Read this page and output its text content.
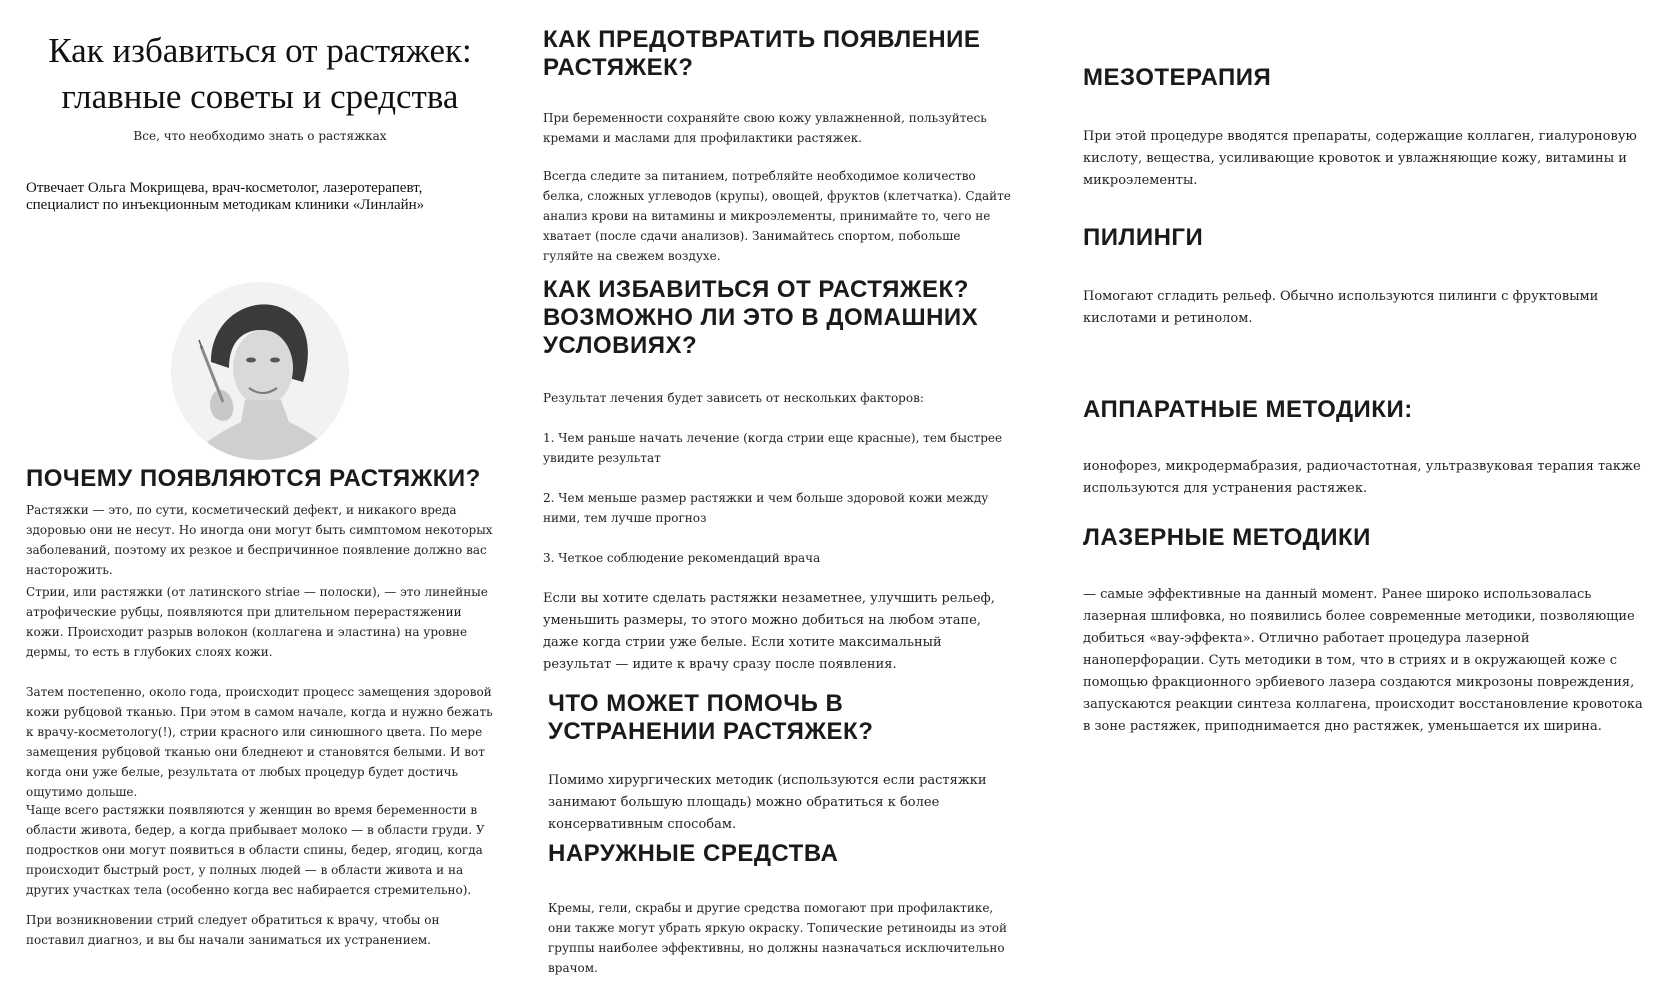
Как избавиться от растяжек:
главные советы и средства
Все, что необходимо знать о растяжках
Отвечает Ольга Мокрищева, врач-косметолог, лазеротерапевт, специалист по инъекционным методикам клиники «Линлайн»
ПОЧЕМУ ПОЯВЛЯЮТСЯ РАСТЯЖКИ?

Растяжки — это, по сути, косметический дефект, и никакого вреда здоровью они не несут. Но иногда они могут быть симптомом некоторых заболеваний, поэтому их резкое и беспричинное появление должно вас насторожить.

Стрии, или растяжки (от латинского striae — полоски), — это линейные атрофические рубцы, появляются при длительном перерастяжении кожи. Происходит разрыв волокон (коллагена и эластина) на уровне дермы, то есть в глубоких слоях кожи.

Затем постепенно, около года, происходит процесс замещения здоровой кожи рубцовой тканью. При этом в самом начале, когда и нужно бежать к врачу-косметологу(!), стрии красного или синюшного цвета. По мере замещения рубцовой тканью они бледнеют и становятся белыми. И вот когда они уже белые, результата от любых процедур будет достичь ощутимо дольше.

Чаще всего растяжки появляются у женщин во время беременности в области живота, бедер, а когда прибывает молоко — в области груди. У подростков они могут появиться в области спины, бедер, ягодиц, когда происходит быстрый рост, у полных людей — в области живота и на других участках тела (особенно когда вес набирается стремительно).

При возникновении стрий следует обратиться к врачу, чтобы он поставил диагноз, и вы бы начали заниматься их устранением.

КАК ПРЕДОТВРАТИТЬ ПОЯВЛЕНИЕ РАСТЯЖЕК?

При беременности сохраняйте свою кожу увлажненной, пользуйтесь кремами и маслами для профилактики растяжек.

Всегда следите за питанием, потребляйте необходимое количество белка, сложных углеводов (крупы), овощей, фруктов (клетчатка). Сдайте анализ крови на витамины и микроэлементы, принимайте то, чего не хватает (после сдачи анализов). Занимайтесь спортом, побольше гуляйте на свежем воздухе.

КАК ИЗБАВИТЬСЯ ОТ РАСТЯЖЕК? ВОЗМОЖНО ЛИ ЭТО В ДОМАШНИХ УСЛОВИЯХ?

Результат лечения будет зависеть от нескольких факторов:

1. Чем раньше начать лечение (когда стрии еще красные), тем быстрее увидите результат

2. Чем меньше размер растяжки и чем больше здоровой кожи между ними, тем лучше прогноз

3. Четкое соблюдение рекомендаций врача

Если вы хотите сделать растяжки незаметнее, улучшить рельеф, уменьшить размеры, то этого можно добиться на любом этапе, даже когда стрии уже белые. Если хотите максимальный результат — идите к врачу сразу после появления.

ЧТО МОЖЕТ ПОМОЧЬ В УСТРАНЕНИИ РАСТЯЖЕК?

Помимо хирургических методик (используются если растяжки занимают большую площадь) можно обратиться к более консервативным способам.

НАРУЖНЫЕ СРЕДСТВА

Кремы, гели, скрабы и другие средства помогают при профилактике, они также могут убрать яркую окраску. Топические ретиноиды из этой группы наиболее эффективны, но должны назначаться исключительно врачом.

МЕЗОТЕРАПИЯ

При этой процедуре вводятся препараты, содержащие коллаген, гиалуроновую кислоту, вещества, усиливающие кровоток и увлажняющие кожу, витамины и микроэлементы.

ПИЛИНГИ

Помогают сгладить рельеф. Обычно используются пилинги с фруктовыми кислотами и ретинолом.

АППАРАТНЫЕ МЕТОДИКИ:

ионофорез, микродермабразия, радиочастотная, ультразвуковая терапия также используются для устранения растяжек.

ЛАЗЕРНЫЕ МЕТОДИКИ

— самые эффективные на данный момент. Ранее широко использовалась лазерная шлифовка, но появились более современные методики, позволяющие добиться «вау-эффекта». Отлично работает процедура лазерной наноперфорации. Суть методики в том, что в стриях и в окружающей коже с помощью фракционного эрбиевого лазера создаются микрозоны повреждения, запускаются реакции синтеза коллагена, происходит восстановление кровотока в зоне растяжек, приподнимается дно растяжек, уменьшается их ширина.
